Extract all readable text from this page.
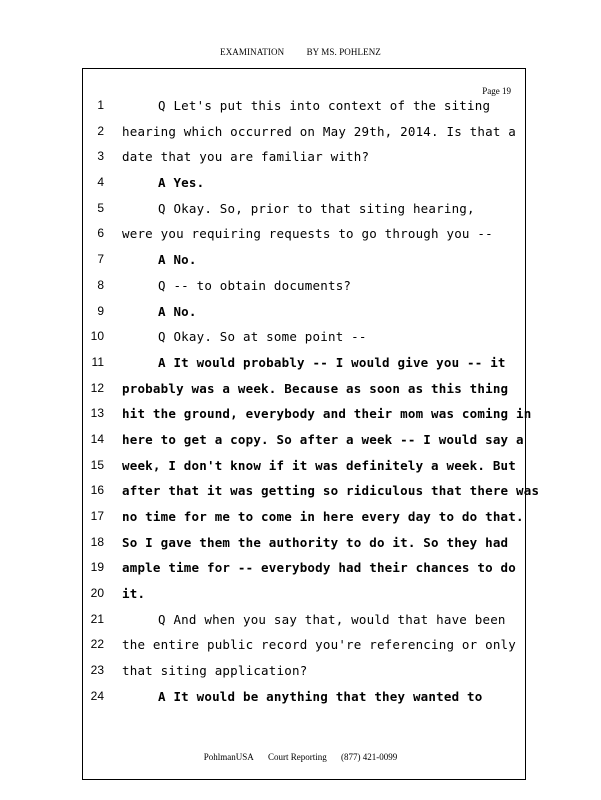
EXAMINATION BY MS. POHLENZ
Page 19
1	Q Let's put this into context of the siting
2 hearing which occurred on May 29th, 2014. Is that a
3 date that you are familiar with?
4	A Yes.
5	Q Okay. So, prior to that siting hearing,
6 were you requiring requests to go through you --
7	A No.
8	Q -- to obtain documents?
9	A No.
10	Q Okay. So at some point --
11	A It would probably -- I would give you -- it
12 probably was a week. Because as soon as this thing
13 hit the ground, everybody and their mom was coming in
14 here to get a copy. So after a week -- I would say a
15 week, I don't know if it was definitely a week. But
16 after that it was getting so ridiculous that there was
17 no time for me to come in here every day to do that.
18 So I gave them the authority to do it. So they had
19 ample time for -- everybody had their chances to do
20 it.
21	Q And when you say that, would that have been
22 the entire public record you're referencing or only
23 that siting application?
24	A It would be anything that they wanted to
PohlmanUSA Court Reporting (877) 421-0099
